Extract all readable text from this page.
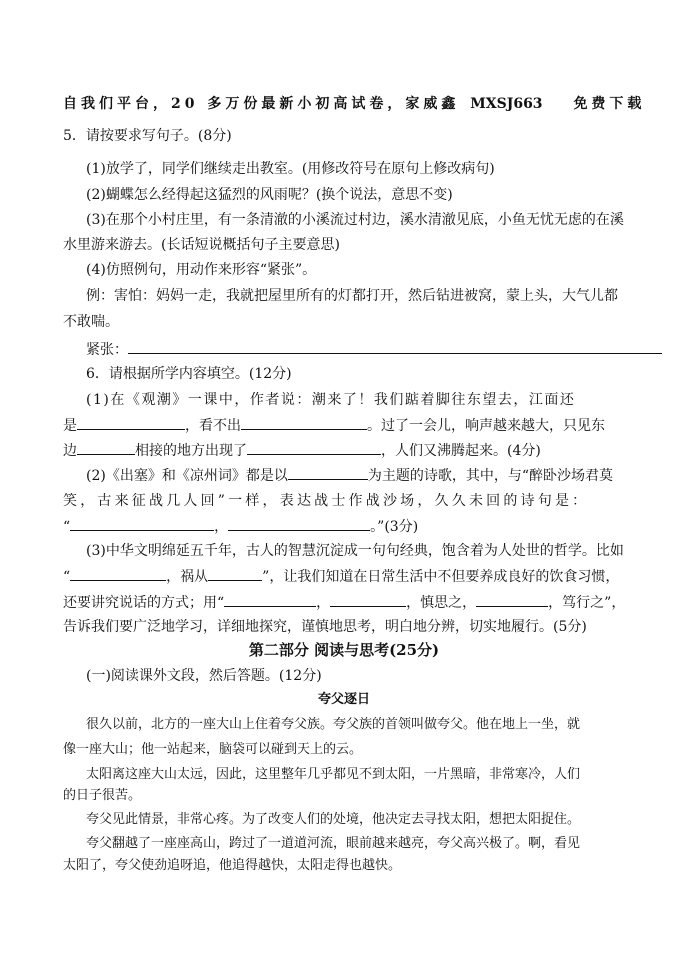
自我们平台，20 多万份最新小初高试卷，家威鑫 MXSJ663 免费下载
5．请按要求写句子。(8分)
(1)放学了，同学们继续走出教室。(用修改符号在原句上修改病句)
(2)蝴蝶怎么经得起这猛烈的风雨呢？(换个说法，意思不变)
(3)在那个小村庄里，有一条清澈的小溪流过村边，溪水清澈见底，小鱼无忧无虑的在溪
水里游来游去。(长话短说概括句子主要意思)
(4)仿照例句，用动作来形容“紧张”。
例：害怕：妈妈一走，我就把屋里所有的灯都打开，然后钻进被窝，蒙上头，大气儿都
不敢喘。
紧张：
6．请根据所学内容填空。(12分)
(1)在《观潮》一课中，作者说：潮来了！我们踮着脚往东望去，江面还
是	，看不出	。过了一会儿，响声越来越大，只见东
边	相接的地方出现了	，人们又沸腾起来。(4分)
(2)《出塞》和《凉州词》都是以	为主题的诗歌，其中，与“醉卧沙场君莫
笑，古来征战几人回”一样，表达战士作战沙场，久久未回的诗句是：
“	，	。”(3分)
(3)中华文明绵延五千年，古人的智慧沉淀成一句句经典，饱含着为人处世的哲学。比如
“	，祸从	”，让我们知道在日常生活中不但要养成良好的饮食习惯，
还要讲究说话的方式；用“	，	，慎思之，	，笃行之”，
告诉我们要广泛地学习，详细地探究，谨慎地思考，明白地分辨，切实地履行。(5分)
第二部分 阅读与思考(25分)
(一)阅读课外文段，然后答题。(12分)
夸父逐日
很久以前，北方的一座大山上住着夸父族。夸父族的首领叫做夸父。他在地上一坐，就
像一座大山；他一站起来，脑袋可以碰到天上的云。
太阳离这座大山太远，因此，这里整年几乎都见不到太阳，一片黑暗，非常寒冷，人们
的日子很苦。
夸父见此情景，非常心疼。为了改变人们的处境，他决定去寻找太阳，想把太阳捉住。
夸父翻越了一座座高山，跨过了一道道河流，眼前越来越亮，夸父高兴极了。啊，看见
太阳了，夸父使劲追呀追，他追得越快，太阳走得也越快。
